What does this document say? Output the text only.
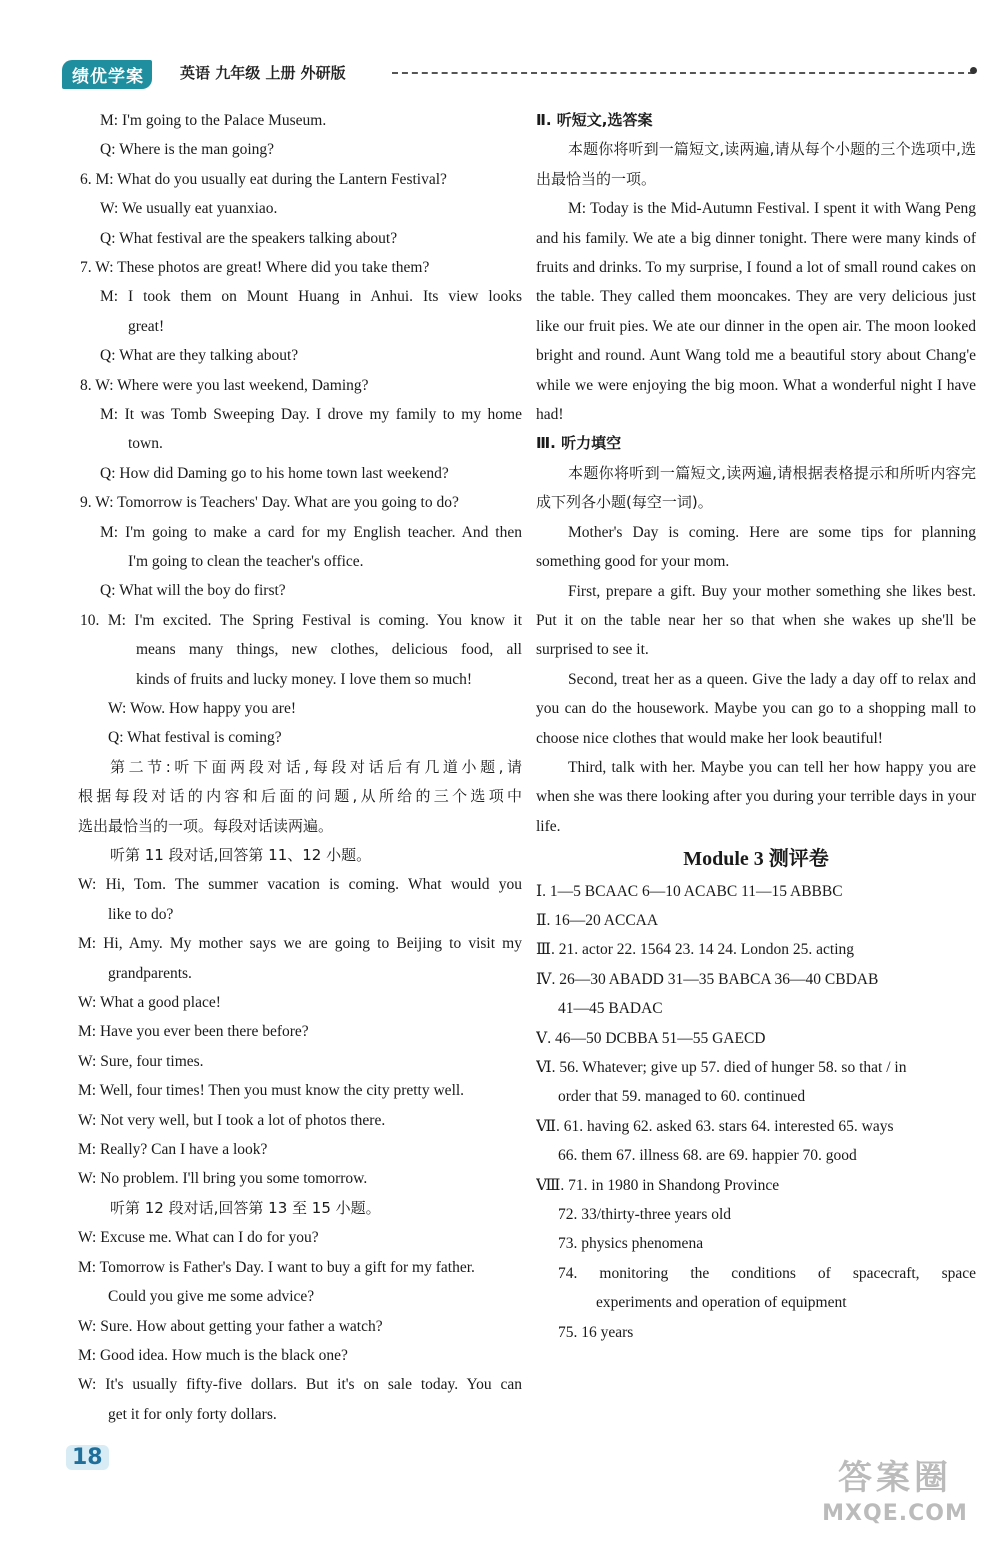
绩优学案	英语 九年级 上册 外研版
M: I'm going to the Palace Museum.
Q: Where is the man going?
6. M: What do you usually eat during the Lantern Festival?
W: We usually eat yuanxiao.
Q: What festival are the speakers talking about?
7. W: These photos are great! Where did you take them?
M: I took them on Mount Huang in Anhui. Its view looks
great!
Q: What are they talking about?
8. W: Where were you last weekend, Daming?
M: It was Tomb Sweeping Day. I drove my family to my home
town.
Q: How did Daming go to his home town last weekend?
9. W: Tomorrow is Teachers' Day. What are you going to do?
M: I'm going to make a card for my English teacher. And then
I'm going to clean the teacher's office.
Q: What will the boy do first?
10. M: I'm excited. The Spring Festival is coming. You know it
means many things, new clothes, delicious food, all
kinds of fruits and lucky money. I love them so much!
W: Wow. How happy you are!
Q: What festival is coming?
第二节:听下面两段对话,每段对话后有几道小题,请
根据每段对话的内容和后面的问题,从所给的三个选项中
选出最恰当的一项。每段对话读两遍。
听第 11 段对话,回答第 11、12 小题。
W: Hi, Tom. The summer vacation is coming. What would you
like to do?
M: Hi, Amy. My mother says we are going to Beijing to visit my
grandparents.
W: What a good place!
M: Have you ever been there before?
W: Sure, four times.
M: Well, four times! Then you must know the city pretty well.
W: Not very well, but I took a lot of photos there.
M: Really? Can I have a look?
W: No problem. I'll bring you some tomorrow.
听第 12 段对话,回答第 13 至 15 小题。
W: Excuse me. What can I do for you?
M: Tomorrow is Father's Day. I want to buy a gift for my father.
Could you give me some advice?
W: Sure. How about getting your father a watch?
M: Good idea. How much is the black one?
W: It's usually fifty-five dollars. But it's on sale today. You can
get it for only forty dollars.
Ⅱ. 听短文,选答案
本题你将听到一篇短文,读两遍,请从每个小题的三个选项中,选出最恰当的一项。
M: Today is the Mid-Autumn Festival. I spent it with Wang Peng and his family. We ate a big dinner tonight. There were many kinds of fruits and drinks. To my surprise, I found a lot of small round cakes on the table. They called them mooncakes. They are very delicious just like our fruit pies. We ate our dinner in the open air. The moon looked bright and round. Aunt Wang told me a beautiful story about Chang'e while we were enjoying the big moon. What a wonderful night I have had!
Ⅲ. 听力填空
本题你将听到一篇短文,读两遍,请根据表格提示和所听内容完成下列各小题(每空一词)。
Mother's Day is coming. Here are some tips for planning something good for your mom.
First, prepare a gift. Buy your mother something she likes best. Put it on the table near her so that when she wakes up she'll be surprised to see it.
Second, treat her as a queen. Give the lady a day off to relax and you can do the housework. Maybe you can go to a shopping mall to choose nice clothes that would make her look beautiful!
Third, talk with her. Maybe you can tell her how happy you are when she was there looking after you during your terrible days in your life.
Module 3 测评卷
Ⅰ. 1—5 BCAAC 6—10 ACABC 11—15 ABBBC
Ⅱ. 16—20 ACCAA
Ⅲ. 21. actor 22. 1564 23. 14 24. London 25. acting
Ⅳ. 26—30 ABADD 31—35 BABCA 36—40 CBDAB
41—45 BADAC
Ⅴ. 46—50 DCBBA 51—55 GAECD
Ⅵ. 56. Whatever; give up 57. died of hunger 58. so that / in
order that 59. managed to 60. continued
Ⅶ. 61. having 62. asked 63. stars 64. interested 65. ways
66. them 67. illness 68. are 69. happier 70. good
Ⅷ. 71. in 1980 in Shandong Province
72. 33/thirty-three years old
73. physics phenomena
74. monitoring the conditions of spacecraft, space
experiments and operation of equipment
75. 16 years
18
答案圈
MXQE.COM
